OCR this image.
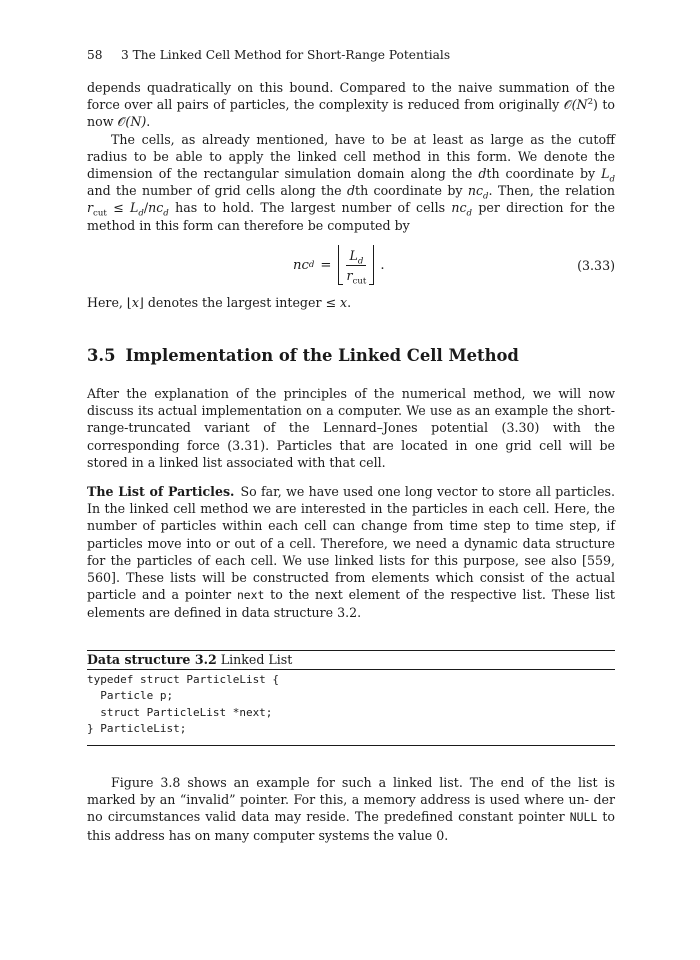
58 3 The Linked Cell Method for Short-Range Potentials

depends quadratically on this bound. Compared to the naive summation of the force over all pairs of particles, the complexity is reduced from originally $𝒪(N^2)$ to now 𝒪(N).

The cells, as already mentioned, have to be at least as large as the cutoff radius to be able to apply the linked cell method in this form. We denote the dimension of the rectangular simulation domain along the dth coordinate by $L_d$ and the number of grid cells along the dth coordinate by $nc_d$. Then, the relation $r_{cut} \le L_d/nc_d$ has to hold. The largest number of cells $nc_d$ per direction for the method in this form can therefore be computed by

nc $d = \frac{L_d}{r_{cut}}$ .	(3.33)

Here, ⌊x⌋ denotes the largest integer ≤ x.

3.5 Implementation of the Linked Cell Method

After the explanation of the principles of the numerical method, we will now discuss its actual implementation on a computer. We use as an example the short-range-truncated variant of the Lennard–Jones potential (3.30) with the corresponding force (3.31). Particles that are located in one grid cell will be stored in a linked list associated with that cell.

The List of Particles. So far, we have used one long vector to store all particles. In the linked cell method we are interested in the particles in each cell. Here, the number of particles within each cell can change from time step to time step, if particles move into or out of a cell. Therefore, we need a dynamic data structure for the particles of each cell. We use linked lists for this purpose, see also [559, 560]. These lists will be constructed from elements which consist of the actual particle and a pointer next to the next element of the respective list. These list elements are defined in data structure 3.2.

Data structure 3.2 Linked List
typedef struct ParticleList {
Particle p;
struct ParticleList *next;
} ParticleList;

Figure 3.8 shows an example for such a linked list. The end of the list is marked by an “invalid” pointer. For this, a memory address is used where un- der no circumstances valid data may reside. The predefined constant pointer NULL to this address has on many computer systems the value 0.
